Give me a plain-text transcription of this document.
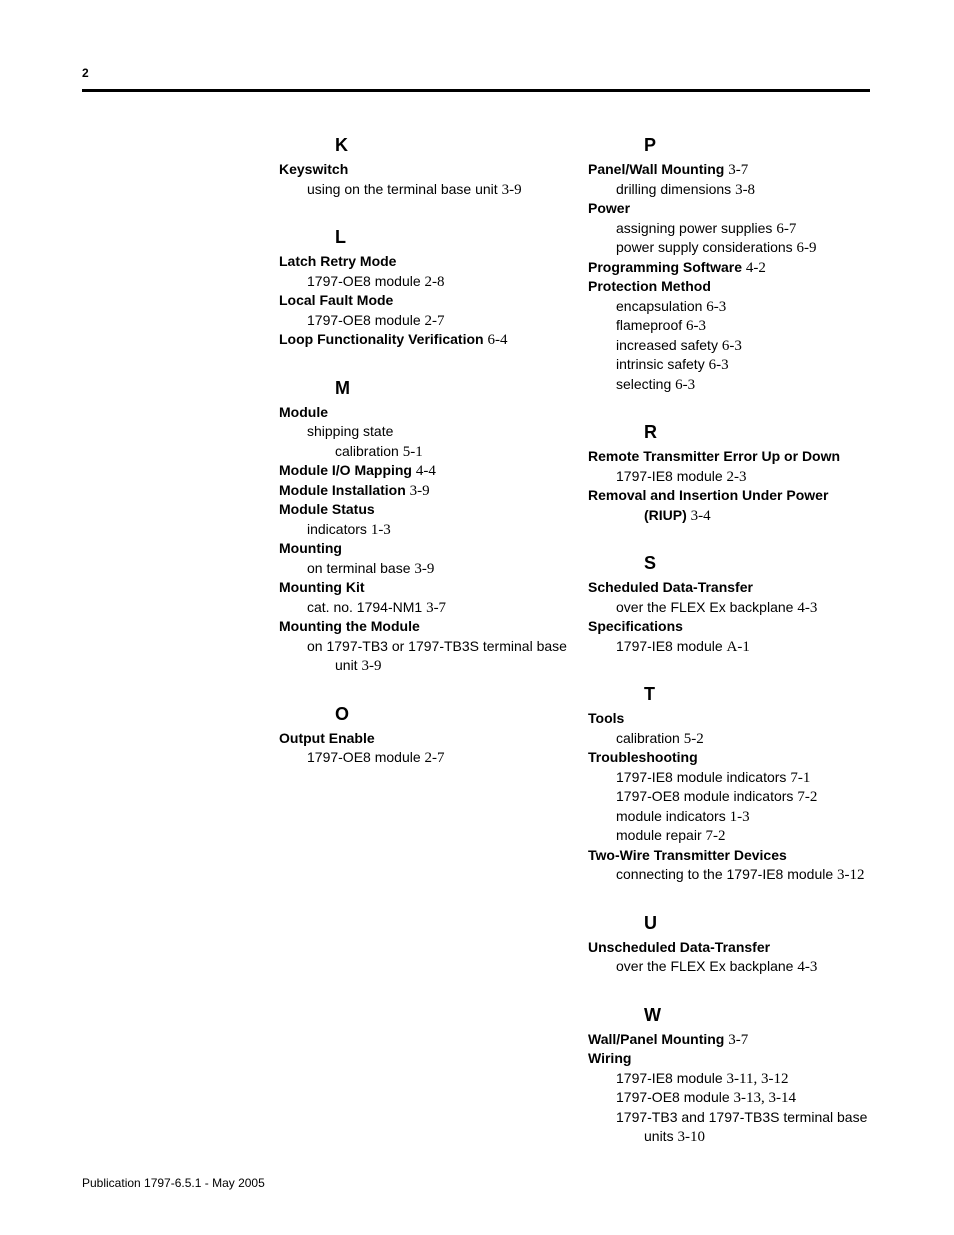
2
K
Keyswitch
using on the terminal base unit 3-9
L
Latch Retry Mode
1797-OE8 module 2-8
Local Fault Mode
1797-OE8 module 2-7
Loop Functionality Verification 6-4
M
Module
shipping state
calibration 5-1
Module I/O Mapping 4-4
Module Installation 3-9
Module Status
indicators 1-3
Mounting
on terminal base 3-9
Mounting Kit
cat. no. 1794-NM1 3-7
Mounting the Module
on 1797-TB3 or 1797-TB3S terminal base
unit 3-9
O
Output Enable
1797-OE8 module 2-7
P
Panel/Wall Mounting 3-7
drilling dimensions 3-8
Power
assigning power supplies 6-7
power supply considerations 6-9
Programming Software 4-2
Protection Method
encapsulation 6-3
flameproof 6-3
increased safety 6-3
intrinsic safety 6-3
selecting 6-3
R
Remote Transmitter Error Up or Down
1797-IE8 module 2-3
Removal and Insertion Under Power
(RIUP) 3-4
S
Scheduled Data-Transfer
over the FLEX Ex backplane 4-3
Specifications
1797-IE8 module A-1
T
Tools
calibration 5-2
Troubleshooting
1797-IE8 module indicators 7-1
1797-OE8 module indicators 7-2
module indicators 1-3
module repair 7-2
Two-Wire Transmitter Devices
connecting to the 1797-IE8 module 3-12
U
Unscheduled Data-Transfer
over the FLEX Ex backplane 4-3
W
Wall/Panel Mounting 3-7
Wiring
1797-IE8 module 3-11, 3-12
1797-OE8 module 3-13, 3-14
1797-TB3 and 1797-TB3S terminal base
units 3-10
Publication 1797-6.5.1 - May 2005
